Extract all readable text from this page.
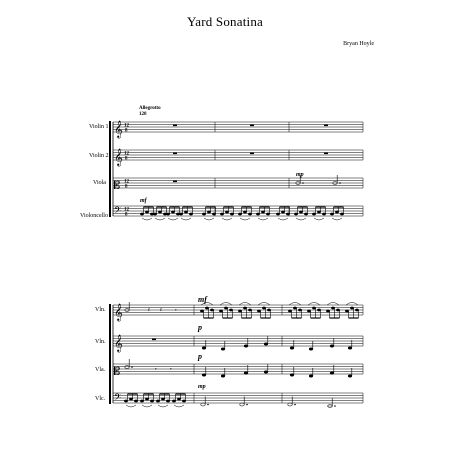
Yard Sonatina
Bryan Hoyle
Allegrotto
120
Violin 1
Violin 2
Viola
Violoncello
Vln.
Vln.
Vla.
Vlc.
𝄞
𝄞
𝄡
𝄢
12
8
12
8
12
8
12
8
mp
mf
𝄞
𝄞
𝄡
𝄢
𝄽 𝄽 𝄾
𝄾 𝄾
mf
p
p
mp
